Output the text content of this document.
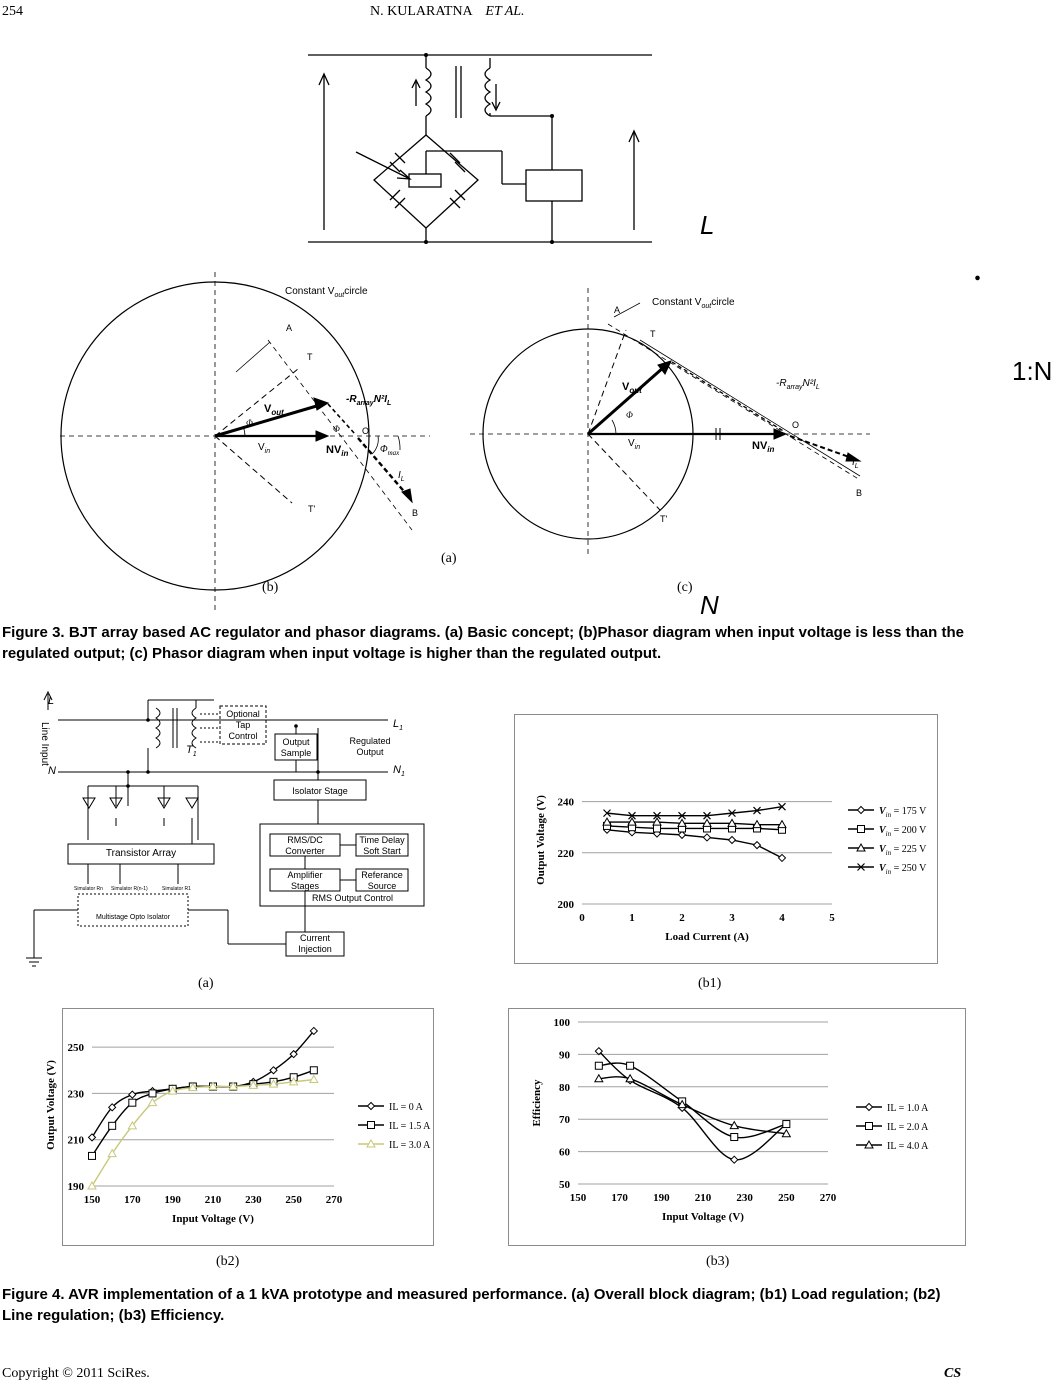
254	N. KULARATNA ET AL.
L
.
1:N
N
Constant $V_{out}circle$
A
T
T'
O
B
$V_{out}$
$V_{in}$	$NV_{in}$
$-R_{array}N^2I_L$
$I_L$
Φ
Φ
$\Phi_{max}$
Constant $V_{out}circle$
A
T
T'
O
B
$V_{out}$
$V_{in}$	$NV_{in}$
$-R_{array}N^2I_L$
$I_L$
Φ
(a)
(b)	(c)
Figure 3. BJT array based AC regulator and phasor diagrams. (a) Basic concept; (b)Phasor diagram when input voltage is less than the regulated output; (c) Phasor diagram when input voltage is higher than the regulated output.
L
N
Line Input	$L_1$
$N_1$
$T_1$
Optional
Tap
Control
Output
Sample
Regulated
Output
Isolator Stage
RMS/DC
Converter
Time Delay
Soft Start
Amplifier
Stages
Referance
Source
RMS Output Control
Transistor Array
Simulator Rn Simulator R(n-1)	Simulator R1
Multistage Opto Isolator
Current
Injection
200
220
240
0	1	2	3	4	5
Load Current (A)
Output Voltage (V)	$V_{in} = 175$ V
$V_{in} = 200$ V
$V_{in} = 225$ V
$V_{in} = 250$ V
190
210
230
250
150 170 190 210 230 250 270
Input Voltage (V)
Output Voltage (V)	IL = 0 A
IL = 1.5 A
IL = 3.0 A
50
60
70
80
90
100
150 170 190 210 230 250 270
Input Voltage (V)
Efficiency	IL = 1.0 A
IL = 2.0 A
IL = 4.0 A
(a)	(b1)
(b2)	(b3)
Figure 4. AVR implementation of a 1 kVA prototype and measured performance. (a) Overall block diagram; (b1) Load regulation; (b2) Line regulation; (b3) Efficiency.
Copyright © 2011 SciRes.	CS
